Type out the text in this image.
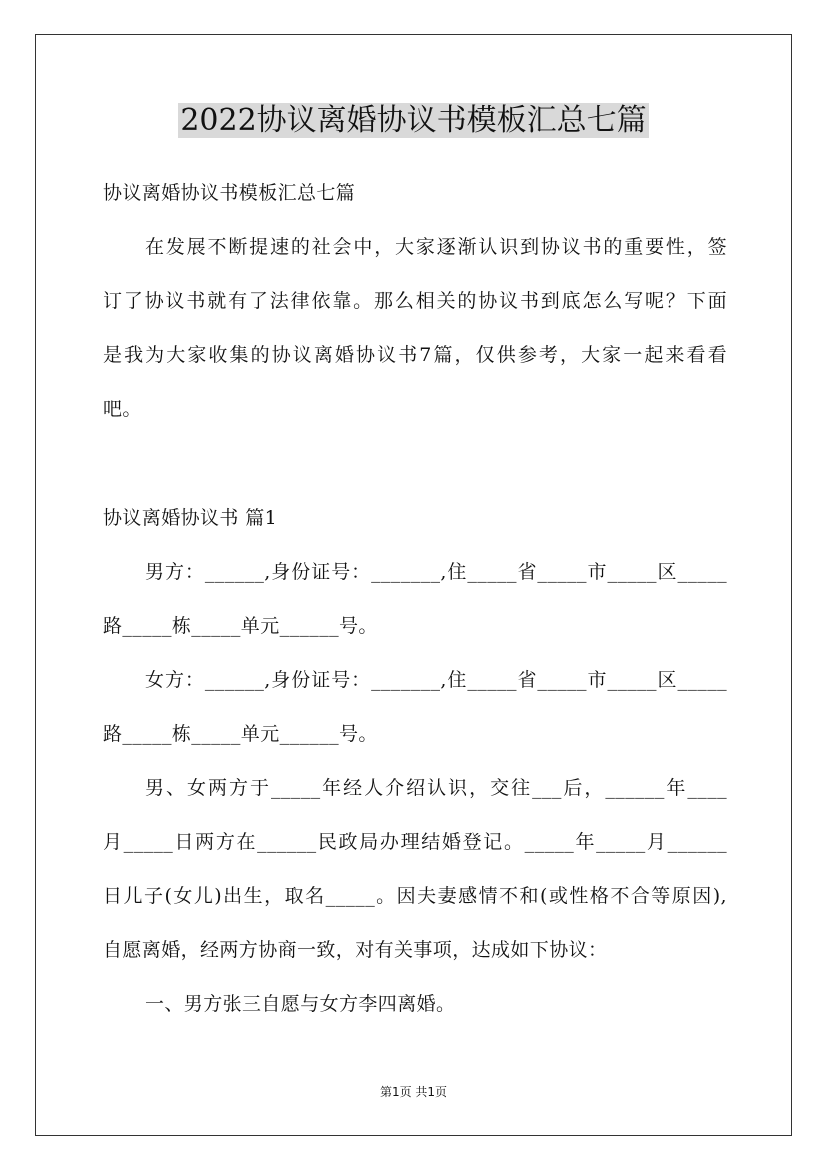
2022协议离婚协议书模板汇总七篇
协议离婚协议书模板汇总七篇
在发展不断提速的社会中，大家逐渐认识到协议书的重要性，签
订了协议书就有了法律依靠。那么相关的协议书到底怎么写呢？下面
是我为大家收集的协议离婚协议书7篇，仅供参考，大家一起来看看
吧。
协议离婚协议书 篇1
男方：______,身份证号：_______,住_____省_____市_____区_____
路_____栋_____单元______号。
女方：______,身份证号：_______,住_____省_____市_____区_____
路_____栋_____单元______号。
男、女两方于_____年经人介绍认识，交往___后，______年____
月_____日两方在______民政局办理结婚登记。_____年_____月______
日儿子(女儿)出生，取名_____。因夫妻感情不和(或性格不合等原因),
自愿离婚，经两方协商一致，对有关事项，达成如下协议：
一、男方张三自愿与女方李四离婚。
第1页 共1页
